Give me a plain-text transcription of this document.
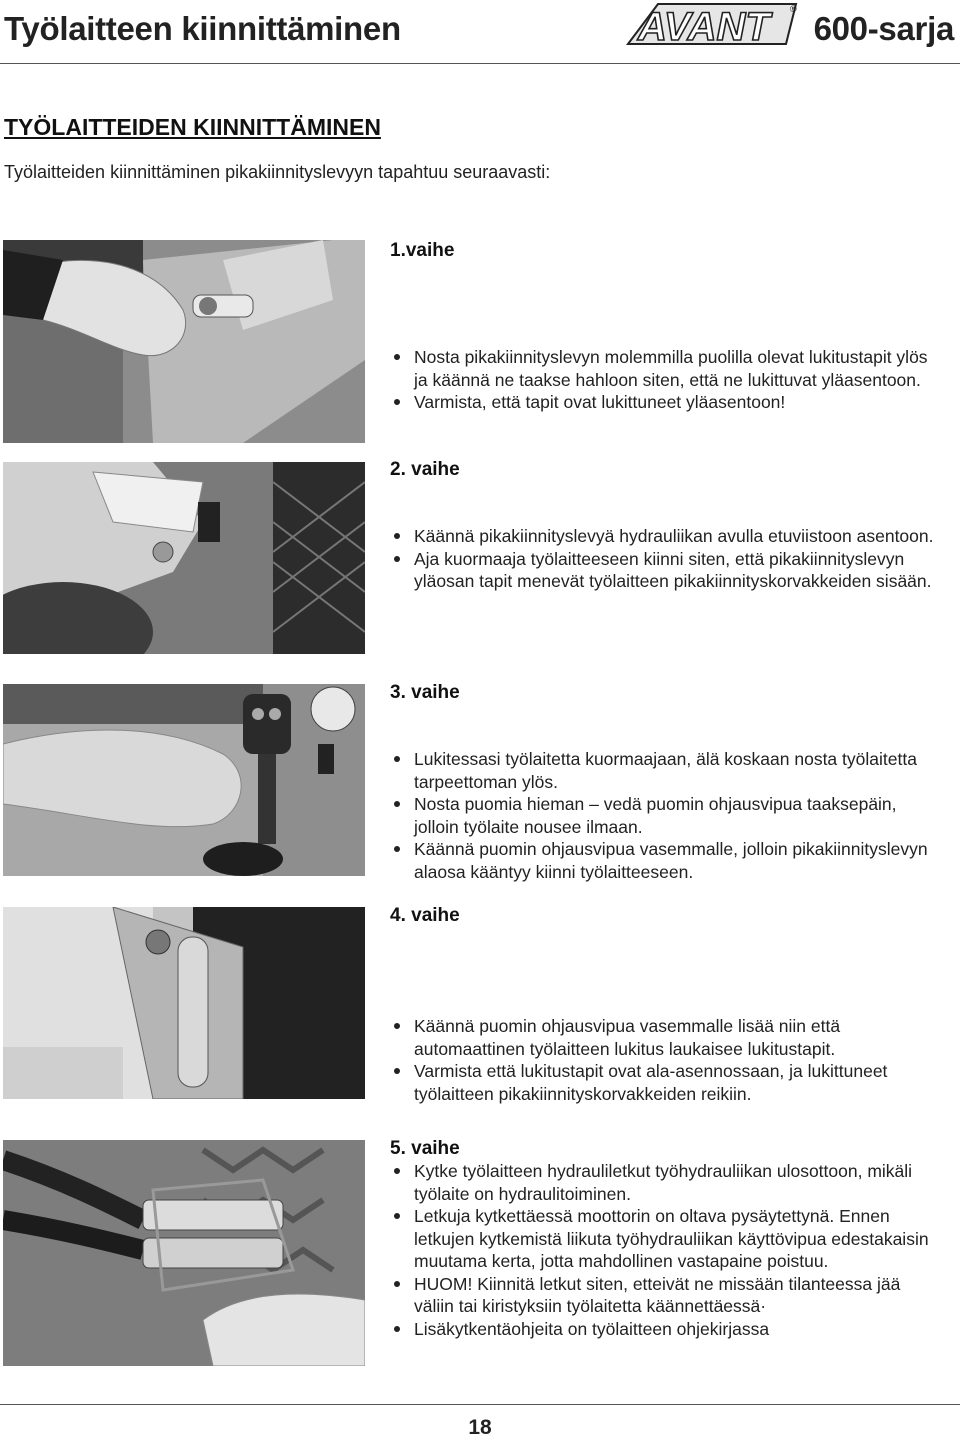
Työlaitteen kiinnittäminen	AVANT	®
600-sarja
TYÖLAITTEIDEN KIINNITTÄMINEN
Työlaitteiden kiinnittäminen pikakiinnityslevyyn tapahtuu seuraavasti:
1.vaihe
Nosta pikakiinnityslevyn molemmilla puolilla olevat lukitustapit ylös ja käännä ne taakse hahloon siten, että ne lukittuvat yläasentoon.
Varmista, että tapit ovat lukittuneet yläasentoon!
2. vaihe
Käännä pikakiinnityslevyä hydrauliikan avulla etuviistoon asentoon.
Aja kuormaaja työlaitteeseen kiinni siten, että pikakiinnityslevyn yläosan tapit menevät työlaitteen pikakiinnityskorvakkeiden sisään.
3. vaihe
Lukitessasi työlaitetta kuormaajaan, älä koskaan nosta työlaitetta tarpeettoman ylös.
Nosta puomia hieman – vedä puomin ohjausvipua taaksepäin, jolloin työlaite nousee ilmaan.
Käännä puomin ohjausvipua vasemmalle, jolloin pikakiinnityslevyn alaosa kääntyy kiinni työlaitteeseen.
4. vaihe
Käännä puomin ohjausvipua vasemmalle lisää niin että automaattinen työlaitteen lukitus laukaisee lukitustapit.
Varmista että lukitustapit ovat ala-asennossaan, ja lukittuneet työlaitteen pikakiinnityskorvakkeiden reikiin.
5. vaihe
Kytke työlaitteen hydrauliletkut työhydrauliikan ulosottoon, mikäli työlaite on hydraulitoiminen.
Letkuja kytkettäessä moottorin on oltava pysäytettynä. Ennen letkujen kytkemistä liikuta työhydrauliikan käyttövipua edestakaisin muutama kerta, jotta mahdollinen vastapaine poistuu.
HUOM! Kiinnitä letkut siten, etteivät ne missään tilanteessa jää väliin tai kiristyksiin työlaitetta käännettäessä·
Lisäkytkentäohjeita on työlaitteen ohjekirjassa
18
